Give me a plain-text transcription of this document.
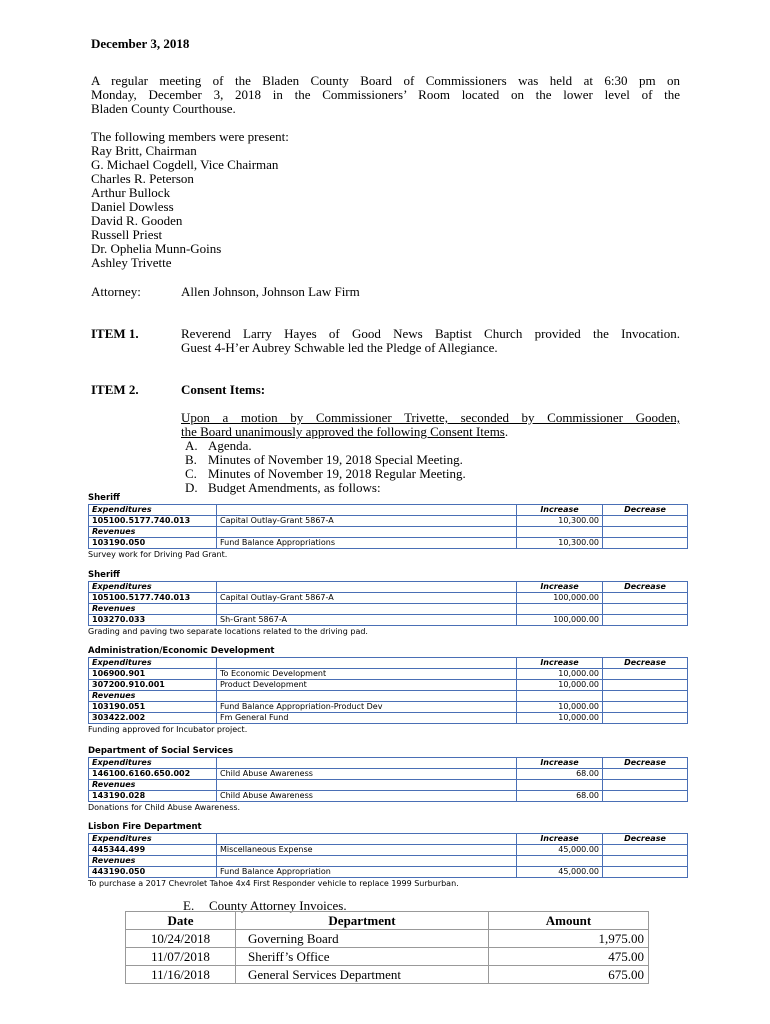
December 3, 2018

A regular meeting of the Bladen County Board of Commissioners was held at 6:30 pm on
Monday, December 3, 2018 in the Commissioners’ Room located on the lower level of the
Bladen County Courthouse.

The following members were present:

Ray Britt, Chairman

G. Michael Cogdell, Vice Chairman

Charles R. Peterson

Arthur Bullock

Daniel Dowless

David R. Gooden

Russell Priest

Dr. Ophelia Munn-Goins

Ashley Trivette

Attorney:	Allen Johnson, Johnson Law Firm
ITEM 1.	Reverend Larry Hayes of Good News Baptist Church provided the Invocation.
Guest 4-H’er Aubrey Schwable led the Pledge of Allegiance.
ITEM 2.	Consent Items:
Upon a motion by Commissioner Trivette, seconded by Commissioner Gooden,
the Board unanimously approved the following Consent Items.
A. Agenda.
B. Minutes of November 19, 2018 Special Meeting.
C. Minutes of November 19, 2018 Regular Meeting.
D. Budget Amendments, as follows:
Sheriff
Expenditures		Increase	Decrease
105100.5177.740.013	Capital Outlay-Grant 5867-A	10,300.00	
Revenues			
103190.050	Fund Balance Appropriations	10,300.00	
Survey work for Driving Pad Grant.
Sheriff
Expenditures		Increase	Decrease
105100.5177.740.013	Capital Outlay-Grant 5867-A	100,000.00	
Revenues			
103270.033	Sh-Grant 5867-A	100,000.00	
Grading and paving two separate locations related to the driving pad.
Administration/Economic Development
Expenditures		Increase	Decrease
106900.901	To Economic Development	10,000.00	
307200.910.001	Product Development	10,000.00	
Revenues			
103190.051	Fund Balance Appropriation-Product Dev	10,000.00	
303422.002	Fm General Fund	10,000.00	
Funding approved for Incubator project.
Department of Social Services
Expenditures		Increase	Decrease
146100.6160.650.002	Child Abuse Awareness	68.00	
Revenues			
143190.028	Child Abuse Awareness	68.00	
Donations for Child Abuse Awareness.
Lisbon Fire Department
Expenditures		Increase	Decrease
445344.499	Miscellaneous Expense	45,000.00	
Revenues			
443190.050	Fund Balance Appropriation	45,000.00	
To purchase a 2017 Chevrolet Tahoe 4x4 First Responder vehicle to replace 1999 Surburban.
E. County Attorney Invoices.
Date	Department	Amount
10/24/2018	Governing Board	1,975.00
11/07/2018	Sheriff’s Office	475.00
11/16/2018	General Services Department	675.00
